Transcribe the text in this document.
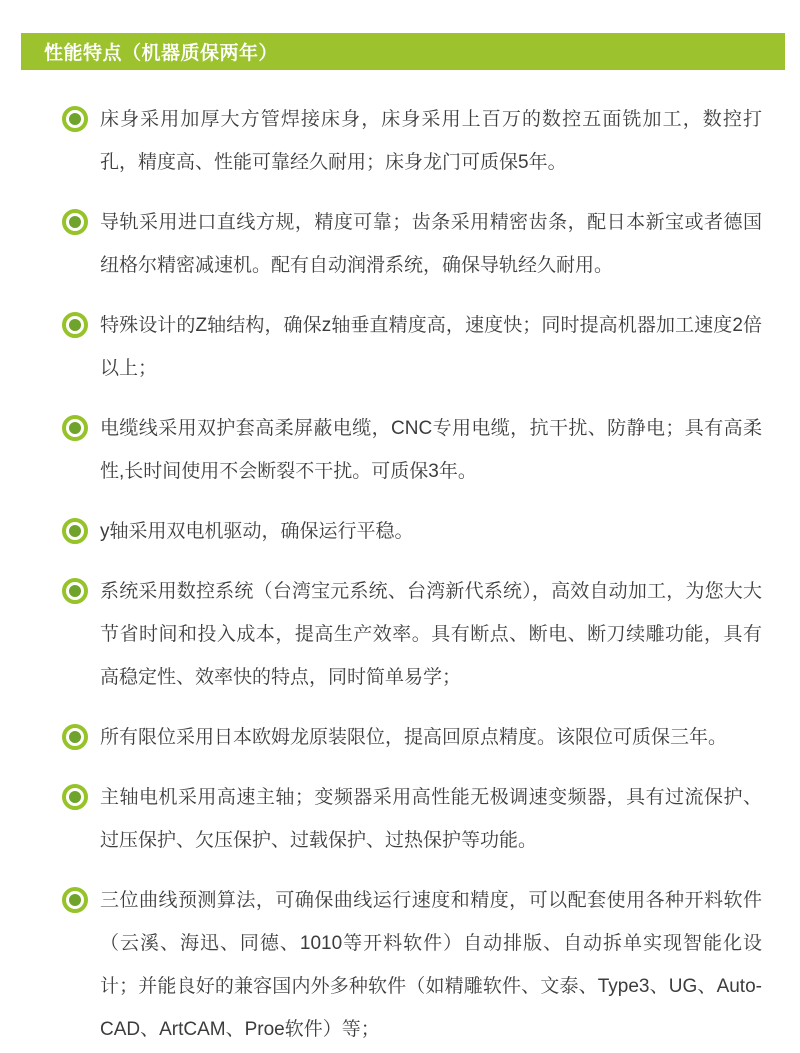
性能特点（机器质保两年）

床身采用加厚大方管焊接床身，床身采用上百万的数控五面铣加工，数控打孔，精度高、性能可靠经久耐用；床身龙门可质保5年。

导轨采用进口直线方规，精度可靠；齿条采用精密齿条，配日本新宝或者德国纽格尔精密减速机。配有自动润滑系统，确保导轨经久耐用。

特殊设计的Z轴结构，确保z轴垂直精度高，速度快；同时提高机器加工速度2倍以上；

电缆线采用双护套高柔屏蔽电缆，CNC专用电缆，抗干扰、防静电；具有高柔性,长时间使用不会断裂不干扰。可质保3年。

y轴采用双电机驱动，确保运行平稳。

系统采用数控系统（台湾宝元系统、台湾新代系统），高效自动加工，为您大大节省时间和投入成本，提高生产效率。具有断点、断电、断刀续雕功能，具有高稳定性、效率快的特点，同时简单易学；

所有限位采用日本欧姆龙原装限位，提高回原点精度。该限位可质保三年。

主轴电机采用高速主轴；变频器采用高性能无极调速变频器，具有过流保护、过压保护、欠压保护、过载保护、过热保护等功能。

三位曲线预测算法，可确保曲线运行速度和精度，可以配套使用各种开料软件（云溪、海迅、同德、1010等开料软件）自动排版、自动拆单实现智能化设计；并能良好的兼容国内外多种软件（如精雕软件、文泰、Type3、UG、Auto-CAD、ArtCAM、Proe软件）等；
